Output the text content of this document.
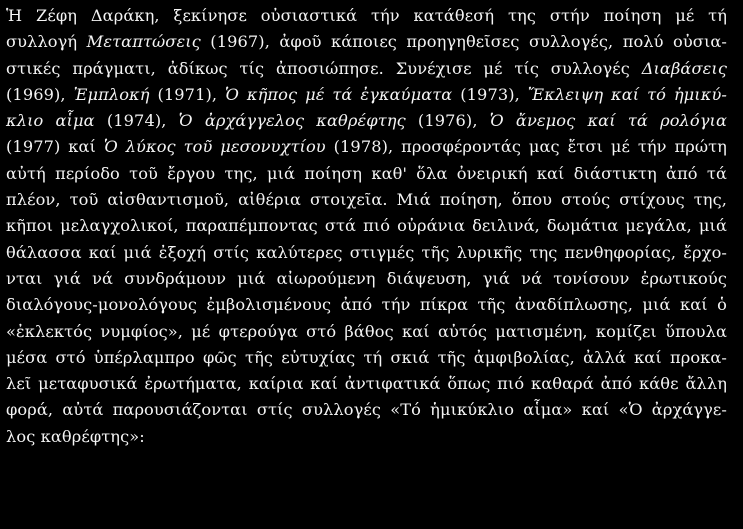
Ἡ Ζέφη Δαράκη, ξεκίνησε οὐσιαστικά τήν κατάθεσή της στήν ποίηση μέ τή
συλλογή Μεταπτώσεις (1967), ἀφοῦ κάποιες προηγηθεῖσες συλλογές, πολύ οὐσια-
στικές πράγματι, ἀδίκως τίς ἀποσιώπησε. Συνέχισε μέ τίς συλλογές Διαβάσεις
(1969), Ἐμπλοκή (1971), Ὁ κῆπος μέ τά ἐγκαύματα (1973), Ἔκλειψη καί τό ἡμικύ-
κλιο αἷμα (1974), Ὁ ἀρχάγγελος καθρέφτης (1976), Ὁ ἄνεμος καί τά ρολόγια
(1977) καί Ὁ λύκος τοῦ μεσονυχτίου (1978), προσφέροντάς μας ἔτσι μέ τήν πρώτη
αὐτή περίοδο τοῦ ἔργου της, μιά ποίηση καθ' ὅλα ὀνειρική καί διάστικτη ἀπό τά
πλέον, τοῦ αἰσθαντισμοῦ, αἰθέρια στοιχεῖα. Μιά ποίηση, ὅπου στούς στίχους της,
κῆποι μελαγχολικοί, παραπέμποντας στά πιό οὐράνια δειλινά, δωμάτια μεγάλα, μιά
θάλασσα καί μιά ἐξοχή στίς καλύτερες στιγμές τῆς λυρικῆς της πενθηφορίας, ἔρχο-
νται γιά νά συνδράμουν μιά αἰωρούμενη διάψευση, γιά νά τονίσουν ἐρωτικούς
διαλόγους-μονολόγους ἐμβολισμένους ἀπό τήν πίκρα τῆς ἀναδίπλωσης, μιά καί ὁ
«ἐκλεκτός νυμφίος», μέ φτερούγα στό βάθος καί αὐτός ματισμένη, κομίζει ὕπουλα
μέσα στό ὑπέρλαμπρο φῶς τῆς εὐτυχίας τή σκιά τῆς ἀμφιβολίας, ἀλλά καί προκα-
λεῖ μεταφυσικά ἐρωτήματα, καίρια καί ἀντιφατικά ὅπως πιό καθαρά ἀπό κάθε ἄλλη
φορά, αὐτά παρουσιάζονται στίς συλλογές «Τό ἡμικύκλιο αἷμα» καί «Ὁ ἀρχάγγε-
λος καθρέφτης»:
